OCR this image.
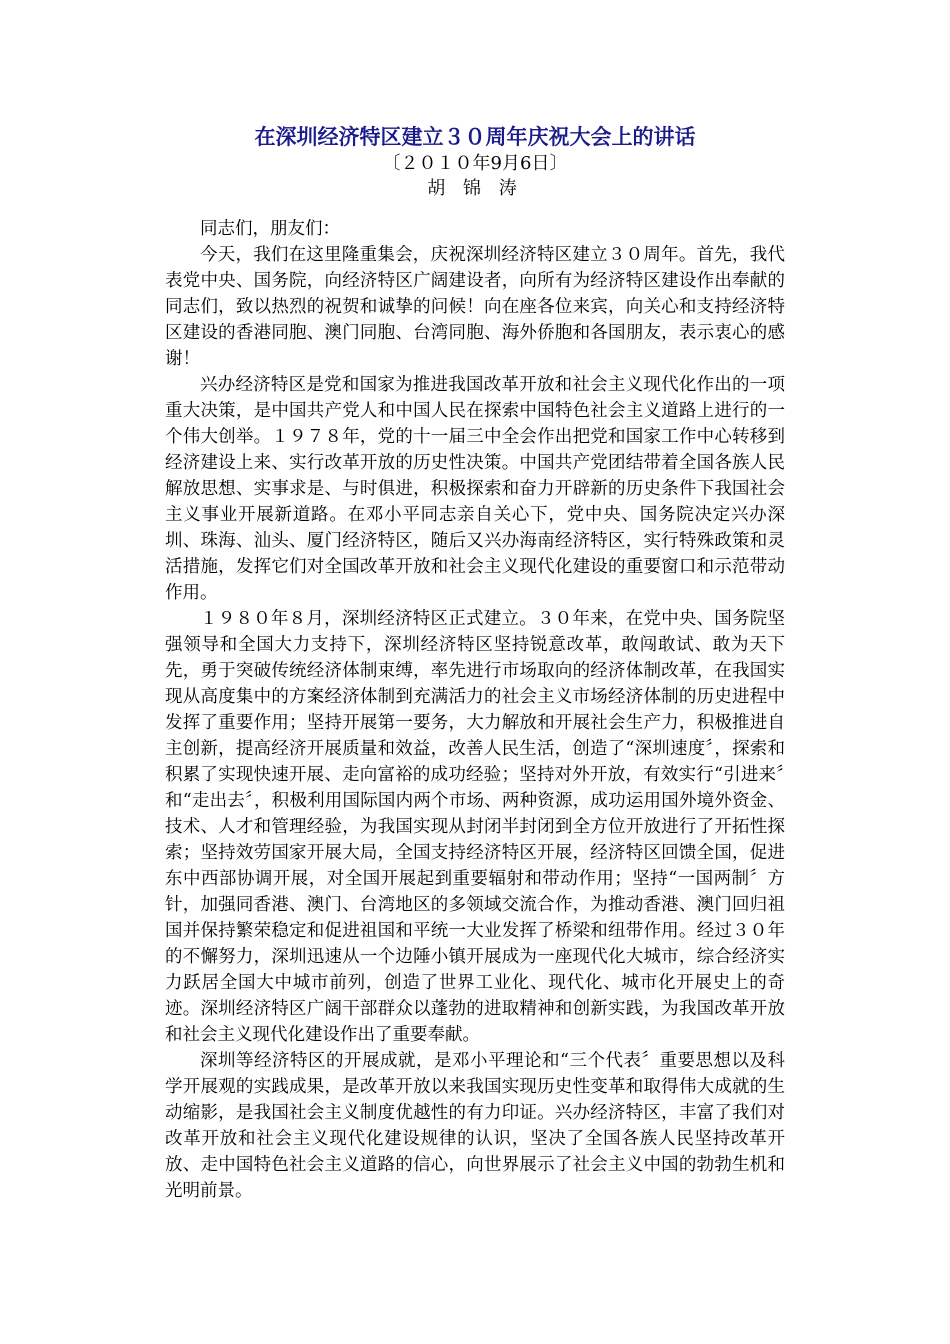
在深圳经济特区建立３０周年庆祝大会上的讲话
〔２０１０年9月6日〕
胡 锦 涛

同志们，朋友们：

今天，我们在这里隆重集会，庆祝深圳经济特区建立３０周年。首先，我代表党中央、国务院，向经济特区广阔建设者，向所有为经济特区建设作出奉献的同志们，致以热烈的祝贺和诚挚的问候！向在座各位来宾，向关心和支持经济特区建设的香港同胞、澳门同胞、台湾同胞、海外侨胞和各国朋友，表示衷心的感谢！

兴办经济特区是党和国家为推进我国改革开放和社会主义现代化作出的一项重大决策，是中国共产党人和中国人民在探索中国特色社会主义道路上进行的一个伟大创举。１９７８年，党的十一届三中全会作出把党和国家工作中心转移到经济建设上来、实行改革开放的历史性决策。中国共产党团结带着全国各族人民解放思想、实事求是、与时俱进，积极探索和奋力开辟新的历史条件下我国社会主义事业开展新道路。在邓小平同志亲自关心下，党中央、国务院决定兴办深圳、珠海、汕头、厦门经济特区，随后又兴办海南经济特区，实行特殊政策和灵活措施，发挥它们对全国改革开放和社会主义现代化建设的重要窗口和示范带动作用。

１９８０年８月，深圳经济特区正式建立。３０年来，在党中央、国务院坚强领导和全国大力支持下，深圳经济特区坚持锐意改革，敢闯敢试、敢为天下先，勇于突破传统经济体制束缚，率先进行市场取向的经济体制改革，在我国实现从高度集中的方案经济体制到充满活力的社会主义市场经济体制的历史进程中发挥了重要作用；坚持开展第一要务，大力解放和开展社会生产力，积极推进自主创新，提高经济开展质量和效益，改善人民生活，创造了“深圳速度〞，探索和积累了实现快速开展、走向富裕的成功经验；坚持对外开放，有效实行“引进来〞和“走出去〞，积极利用国际国内两个市场、两种资源，成功运用国外境外资金、技术、人才和管理经验，为我国实现从封闭半封闭到全方位开放进行了开拓性探索；坚持效劳国家开展大局，全国支持经济特区开展，经济特区回馈全国，促进东中西部协调开展，对全国开展起到重要辐射和带动作用；坚持“一国两制〞方针，加强同香港、澳门、台湾地区的多领域交流合作，为推动香港、澳门回归祖国并保持繁荣稳定和促进祖国和平统一大业发挥了桥梁和纽带作用。经过３０年的不懈努力，深圳迅速从一个边陲小镇开展成为一座现代化大城市，综合经济实力跃居全国大中城市前列，创造了世界工业化、现代化、城市化开展史上的奇迹。深圳经济特区广阔干部群众以蓬勃的进取精神和创新实践，为我国改革开放和社会主义现代化建设作出了重要奉献。

深圳等经济特区的开展成就，是邓小平理论和“三个代表〞重要思想以及科学开展观的实践成果，是改革开放以来我国实现历史性变革和取得伟大成就的生动缩影，是我国社会主义制度优越性的有力印证。兴办经济特区，丰富了我们对改革开放和社会主义现代化建设规律的认识，坚决了全国各族人民坚持改革开放、走中国特色社会主义道路的信心，向世界展示了社会主义中国的勃勃生机和光明前景。
